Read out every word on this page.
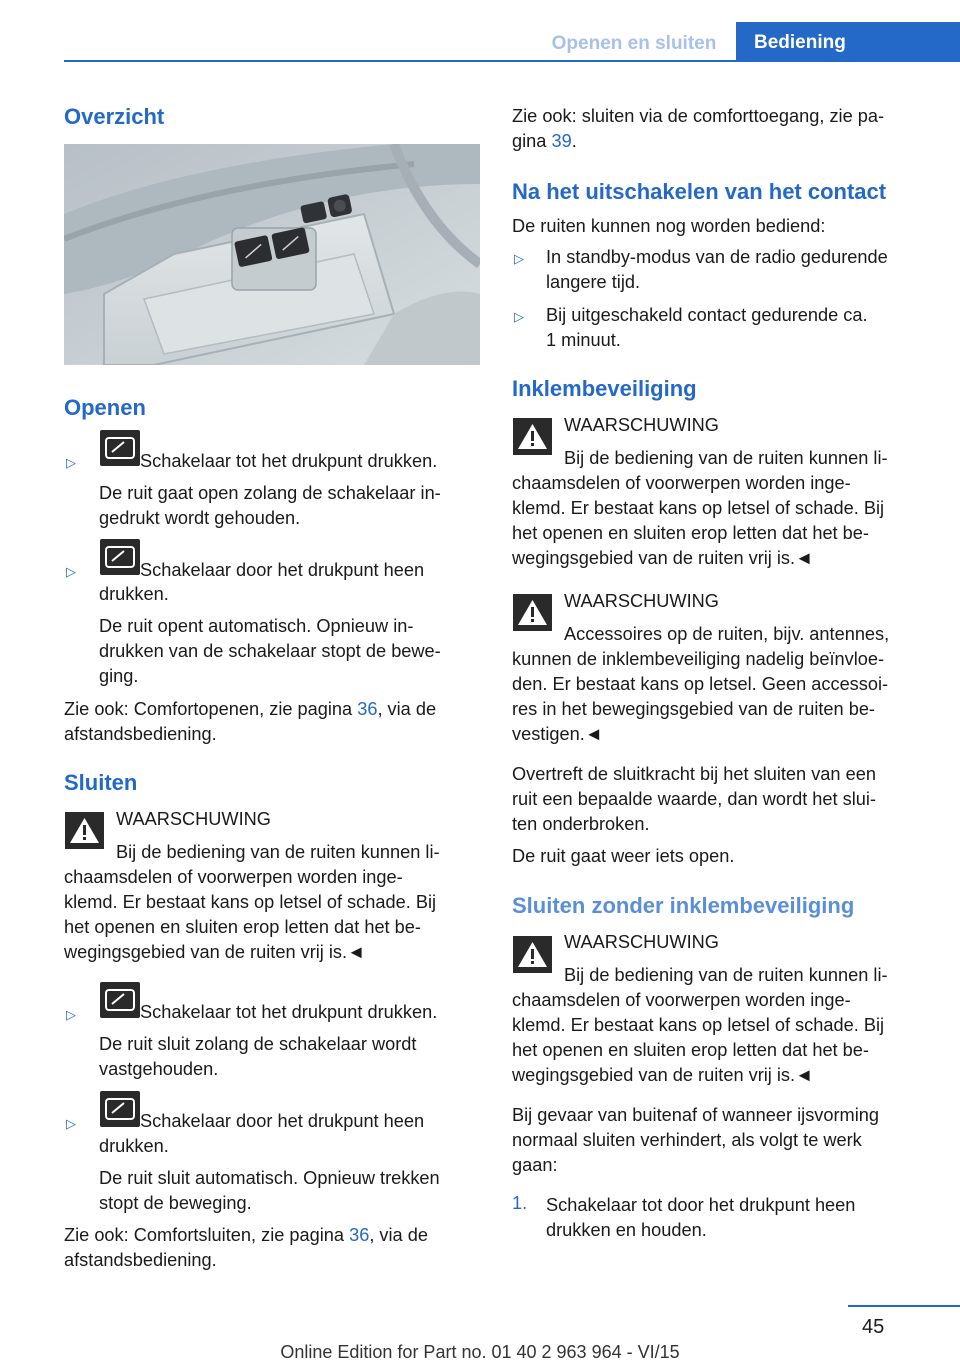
Openen en sluiten	Bediening
Overzicht
Openen
▷	Schakelaar tot het drukpunt drukken.
De ruit gaat open zolang de schakelaar in‐
gedrukt wordt gehouden.
▷	Schakelaar door het drukpunt heen
drukken.
De ruit opent automatisch. Opnieuw in‐
drukken van de schakelaar stopt de bewe‐
ging.
Zie ook: Comfortopenen, zie pagina 36, via de
afstandsbediening.
Sluiten
WAARSCHUWING
Bij de bediening van de ruiten kunnen li‐
chaamsdelen of voorwerpen worden inge‐
klemd. Er bestaat kans op letsel of schade. Bij
het openen en sluiten erop letten dat het be‐
wegingsgebied van de ruiten vrij is.◄
▷	Schakelaar tot het drukpunt drukken.
De ruit sluit zolang de schakelaar wordt
vastgehouden.
▷	Schakelaar door het drukpunt heen
drukken.
De ruit sluit automatisch. Opnieuw trekken
stopt de beweging.
Zie ook: Comfortsluiten, zie pagina 36, via de
afstandsbediening.
Zie ook: sluiten via de comforttoegang, zie pa‐
gina 39.
Na het uitschakelen van het contact
De ruiten kunnen nog worden bediend:
▷ In standby-modus van de radio gedurende
langere tijd.
▷ Bij uitgeschakeld contact gedurende ca.
1 minuut.
Inklembeveiliging
WAARSCHUWING
Bij de bediening van de ruiten kunnen li‐
chaamsdelen of voorwerpen worden inge‐
klemd. Er bestaat kans op letsel of schade. Bij
het openen en sluiten erop letten dat het be‐
wegingsgebied van de ruiten vrij is.◄
WAARSCHUWING
Accessoires op de ruiten, bijv. antennes,
kunnen de inklembeveiliging nadelig beïnvloe‐
den. Er bestaat kans op letsel. Geen accessoi‐
res in het bewegingsgebied van de ruiten be‐
vestigen.◄
Overtreft de sluitkracht bij het sluiten van een
ruit een bepaalde waarde, dan wordt het slui‐
ten onderbroken.
De ruit gaat weer iets open.
Sluiten zonder inklembeveiliging
WAARSCHUWING
Bij de bediening van de ruiten kunnen li‐
chaamsdelen of voorwerpen worden inge‐
klemd. Er bestaat kans op letsel of schade. Bij
het openen en sluiten erop letten dat het be‐
wegingsgebied van de ruiten vrij is.◄
Bij gevaar van buitenaf of wanneer ijsvorming
normaal sluiten verhindert, als volgt te werk
gaan:
1. Schakelaar tot door het drukpunt heen
drukken en houden.
45
Online Edition for Part no. 01 40 2 963 964 - VI/15
